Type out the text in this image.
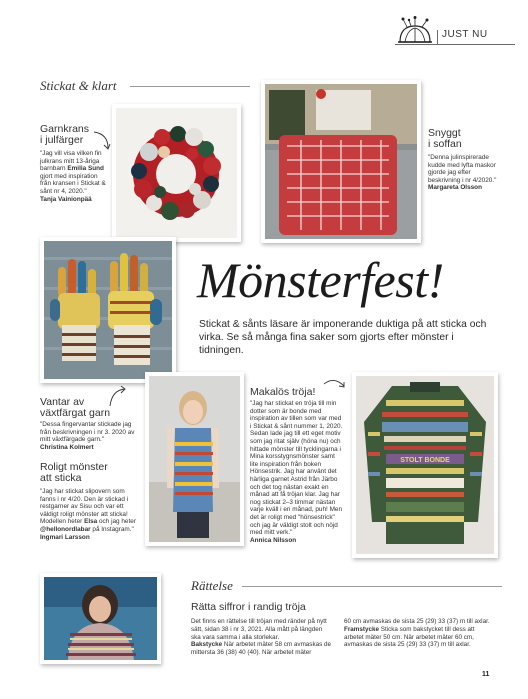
JUST NU
Stickat & klart

Garnkrans
i julfärger

"Jag vill visa vilken fin julkrans mitt 13-åriga barnbarn Emilia Sund gjort med inspiration från kransen i Stickat & sånt nr 4, 2020."
Tanja Vainionpää

Snyggt
i soffan

"Denna julinspirerade kudde med lyfta maskor gjorde jag efter beskrivning i nr 4/2020."
Margareta Olsson

Mönsterfest!

Stickat & sånts läsare är imponerande duktiga på att sticka och virka. Se så många fina saker som gjorts efter mönster i tidningen.

Vantar av
växtfärgat garn

"Dessa fingervantar stickade jag från beskrivningen i nr 3. 2020 av mitt växtfärgade garn."
Christina Kolmert

Roligt mönster
att sticka

"Jag har stickat slipovern som fanns i nr 4/20. Den är stickad i restgarner av Sisu och var ett väldigt roligt mönster att sticka! Modellen heter Elsa och jag heter @hellonordlabar på Instagram." Ingmari Larsson

Makalös tröja!

"Jag har stickat en tröja till min dotter som är bonde med inspiration av tillen som var med i Stickat & sånt nummer 1, 2020. Sedan lade jag till ett eget motiv som jag ritat själv (höna nu) och hittade mönster till tycklingarna i Mina korsstygnsmönster samt lite inspiration från boken Hönsestrik. Jag har använt det härliga garnet Astrid från Järbo och det tog nästan exakt en månad att få tröjan klar. Jag har nog stickat 2–3 timmar nästan varje kväll i en månad, puh! Men det är roligt med "hönsestrick" och jag är väldigt stolt och nöjd med mitt verk."
Annica Nilsson

STOLT BONDE
Rättelse

Rätta siffror i randig tröja

Det finns en rättelse till tröjan med ränder på nytt sätt, sidan 38 i nr 3, 2021. Alla mått på längden ska vara samma i alla storlekar.
Bakstycke När arbetet mäter 58 cm avmaskas de mittersta 36 (38) 40 (40). När arbetet mäter

60 cm avmaskas de sista 25 (29) 33 (37) m till axlar.
Framstycke Sticka som bakstycket till dess att arbetet mäter 50 cm. När arbetet mäter 60 cm, avmaskas de sista 25 (29) 33 (37) m till axlar.

11
